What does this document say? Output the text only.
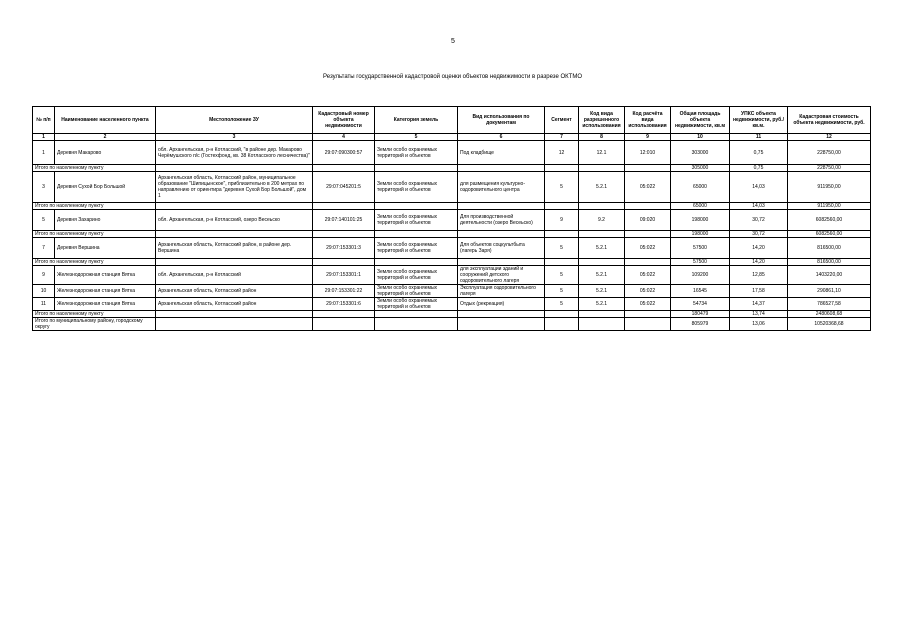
5
Результаты государственной кадастровой оценки объектов недвижимости в разрезе ОКТМО
№ п/п	Наименование населенного пункта	Местоположение ЗУ	Кадастровый номер объекта недвижимости	Категория земель	Вид использования по документам	Сегмент	Код вида разрешенного использования	Код расчёта вида использования	Общая площадь объекта недвижимости, кв.м	УПКС объекта недвижимости, руб./кв.м.	Кадастровая стоимость объекта недвижимости, руб.
1	2	3	4	5	6	7	8	9	10	11	12
1	Деревня Макарово	обл. Архангельская, р-н Котласский, "в районе дер. Макарово Черёмушского п/с (Гостехфонд, кв. 38 Котласского лесничества)"	29:07:090300:57	Земли особо охраняемых территорий и объектов	Под кладбище	12	12.1	12:010	303000	0,75	228750,00
Итого по населенному пункту									305000	0,75	228750,00
3	Деревня Сухой Бор Большой	Архангельская область, Котласский район, муниципальное образование "Шипицынское", приблизительно в 200 метрах по направлению от ориентира "деревня Сухой Бор Большой", дом 1	29:07:045201:5	Земли особо охраняемых территорий и объектов	для размещения культурно-оздоровительного центра	5	5.2.1	05:022	65000	14,03	911950,00
Итого по населенному пункту									65000	14,03	911950,00
5	Деревня Захарино	обл. Архангельская, р-н Котласский, озеро Весеьско	29:07:140101:25	Земли особо охраняемых территорий и объектов	Для производственной деятельности (озеро Весеьско)	9	9.2	09:020	198000	30,72	6082560,00
Итого по населенному пункту									198000	30,72	6082560,00
7	Деревня Вершина	Архангельская область, Котласский район, в районе дер. Вершина	29:07:153301:3	Земли особо охраняемых территорий и объектов	Для объектов соцкультбыта (лагерь Заря)	5	5.2.1	05:022	57500	14,20	816500,00
Итого по населенному пункту									57500	14,20	816500,00
9	Железнодорожная станция Вятка	обл. Архангельская, р-н Котласский	29:07:153301:1	Земли особо охраняемых территорий и объектов	для эксплуатации зданий и сооружений детского оздоровительного лагеря	5	5.2.1	05:022	109200	12,85	1403220,00
10	Железнодорожная станция Вятка	Архангельская область, Котласский район	29:07:153301:22	Земли особо охраняемых территорий и объектов	Эксплуатация оздоровительного лагеря	5	5.2.1	05:022	16545	17,58	290861,10
11	Железнодорожная станция Вятка	Архангельская область, Котласский район	29:07:153301:6	Земли особо охраняемых территорий и объектов	Отдых (рекреация)	5	5.2.1	05:022	54734	14,37	786527,58
Итого по населенному пункту									180479	13,74	2480608,68
Итого по муниципальному району, городскому округу									805979	13,06	10520368,68
